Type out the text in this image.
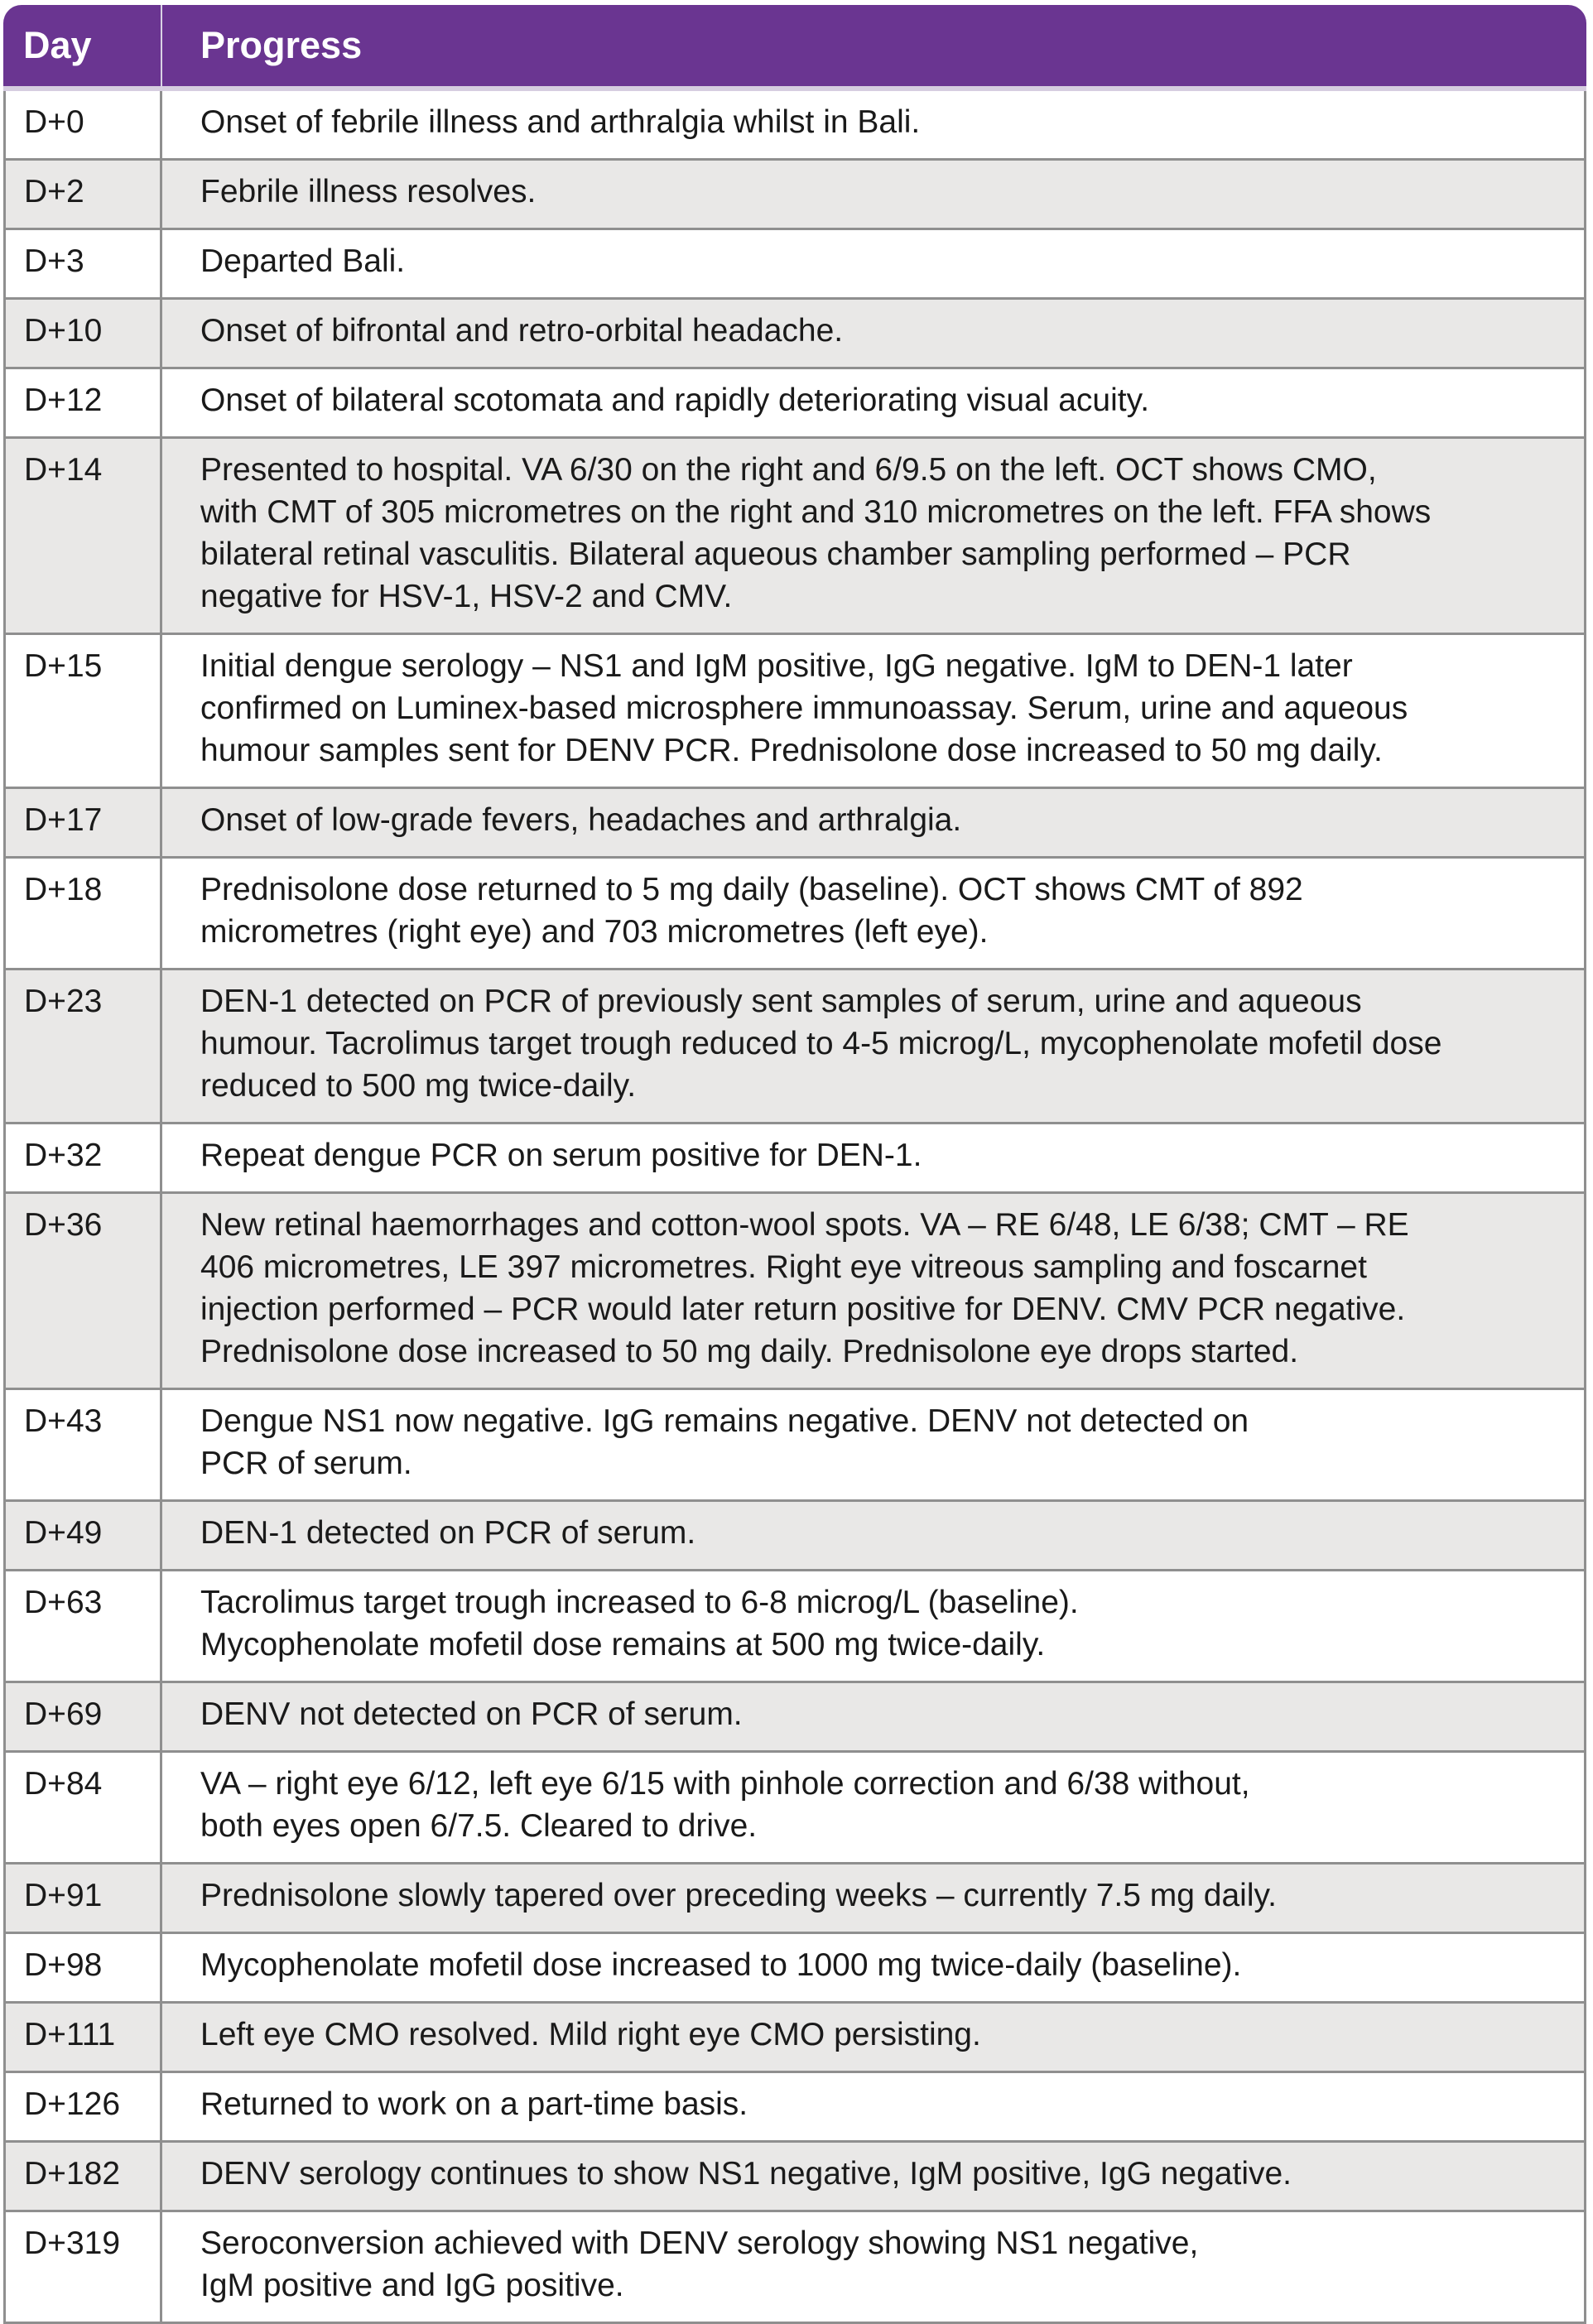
Day	Progress
D+0	Onset of febrile illness and arthralgia whilst in Bali.
D+2	Febrile illness resolves.
D+3	Departed Bali.
D+10	Onset of bifrontal and retro-orbital headache.
D+12	Onset of bilateral scotomata and rapidly deteriorating visual acuity.
D+14	Presented to hospital. VA 6/30 on the right and 6/9.5 on the left. OCT shows CMO,
with CMT of 305 micrometres on the right and 310 micrometres on the left. FFA shows
bilateral retinal vasculitis. Bilateral aqueous chamber sampling performed – PCR
negative for HSV-1, HSV-2 and CMV.
D+15	Initial dengue serology – NS1 and IgM positive, IgG negative. IgM to DEN-1 later
confirmed on Luminex-based microsphere immunoassay. Serum, urine and aqueous
humour samples sent for DENV PCR. Prednisolone dose increased to 50 mg daily.
D+17	Onset of low-grade fevers, headaches and arthralgia.
D+18	Prednisolone dose returned to 5 mg daily (baseline). OCT shows CMT of 892
micrometres (right eye) and 703 micrometres (left eye).
D+23	DEN-1 detected on PCR of previously sent samples of serum, urine and aqueous
humour. Tacrolimus target trough reduced to 4-5 microg/L, mycophenolate mofetil dose
reduced to 500 mg twice-daily.
D+32	Repeat dengue PCR on serum positive for DEN-1.
D+36	New retinal haemorrhages and cotton-wool spots. VA – RE 6/48, LE 6/38; CMT – RE
406 micrometres, LE 397 micrometres. Right eye vitreous sampling and foscarnet
injection performed – PCR would later return positive for DENV. CMV PCR negative.
Prednisolone dose increased to 50 mg daily. Prednisolone eye drops started.
D+43	Dengue NS1 now negative. IgG remains negative. DENV not detected on
PCR of serum.
D+49	DEN-1 detected on PCR of serum.
D+63	Tacrolimus target trough increased to 6-8 microg/L (baseline).
Mycophenolate mofetil dose remains at 500 mg twice-daily.
D+69	DENV not detected on PCR of serum.
D+84	VA – right eye 6/12, left eye 6/15 with pinhole correction and 6/38 without,
both eyes open 6/7.5. Cleared to drive.
D+91	Prednisolone slowly tapered over preceding weeks – currently 7.5 mg daily.
D+98	Mycophenolate mofetil dose increased to 1000 mg twice-daily (baseline).
D+111	Left eye CMO resolved. Mild right eye CMO persisting.
D+126	Returned to work on a part-time basis.
D+182	DENV serology continues to show NS1 negative, IgM positive, IgG negative.
D+319	Seroconversion achieved with DENV serology showing NS1 negative,
IgM positive and IgG positive.
